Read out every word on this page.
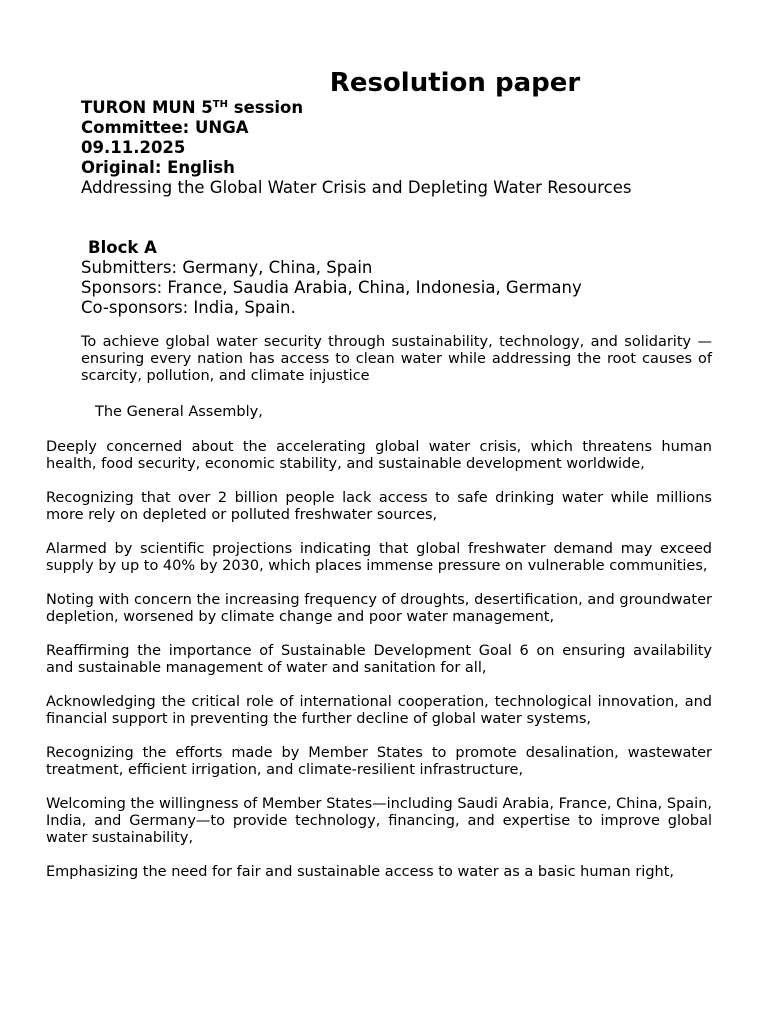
Resolution paper
TURON MUN 5TH session
Committee: UNGA
09.11.2025
Original: English
Addressing the Global Water Crisis and Depleting Water Resources
Block A
Submitters: Germany, China, Spain
Sponsors: France, Saudia Arabia, China, Indonesia, Germany
Co-sponsors: India, Spain.
To achieve global water security through sustainability, technology, and solidarity — ensuring every nation has access to clean water while addressing the root causes of scarcity, pollution, and climate injustice
The General Assembly,

Deeply concerned about the accelerating global water crisis, which threatens human health, food security, economic stability, and sustainable development worldwide,

Recognizing that over 2 billion people lack access to safe drinking water while millions more rely on depleted or polluted freshwater sources,

Alarmed by scientific projections indicating that global freshwater demand may exceed supply by up to 40% by 2030, which places immense pressure on vulnerable communities,

Noting with concern the increasing frequency of droughts, desertification, and groundwater depletion, worsened by climate change and poor water management,

Reaffirming the importance of Sustainable Development Goal 6 on ensuring availability and sustainable management of water and sanitation for all,

Acknowledging the critical role of international cooperation, technological innovation, and financial support in preventing the further decline of global water systems,

Recognizing the efforts made by Member States to promote desalination, wastewater treatment, efficient irrigation, and climate-resilient infrastructure,

Welcoming the willingness of Member States—including Saudi Arabia, France, China, Spain, India, and Germany—to provide technology, financing, and expertise to improve global water sustainability,

Emphasizing the need for fair and sustainable access to water as a basic human right,
